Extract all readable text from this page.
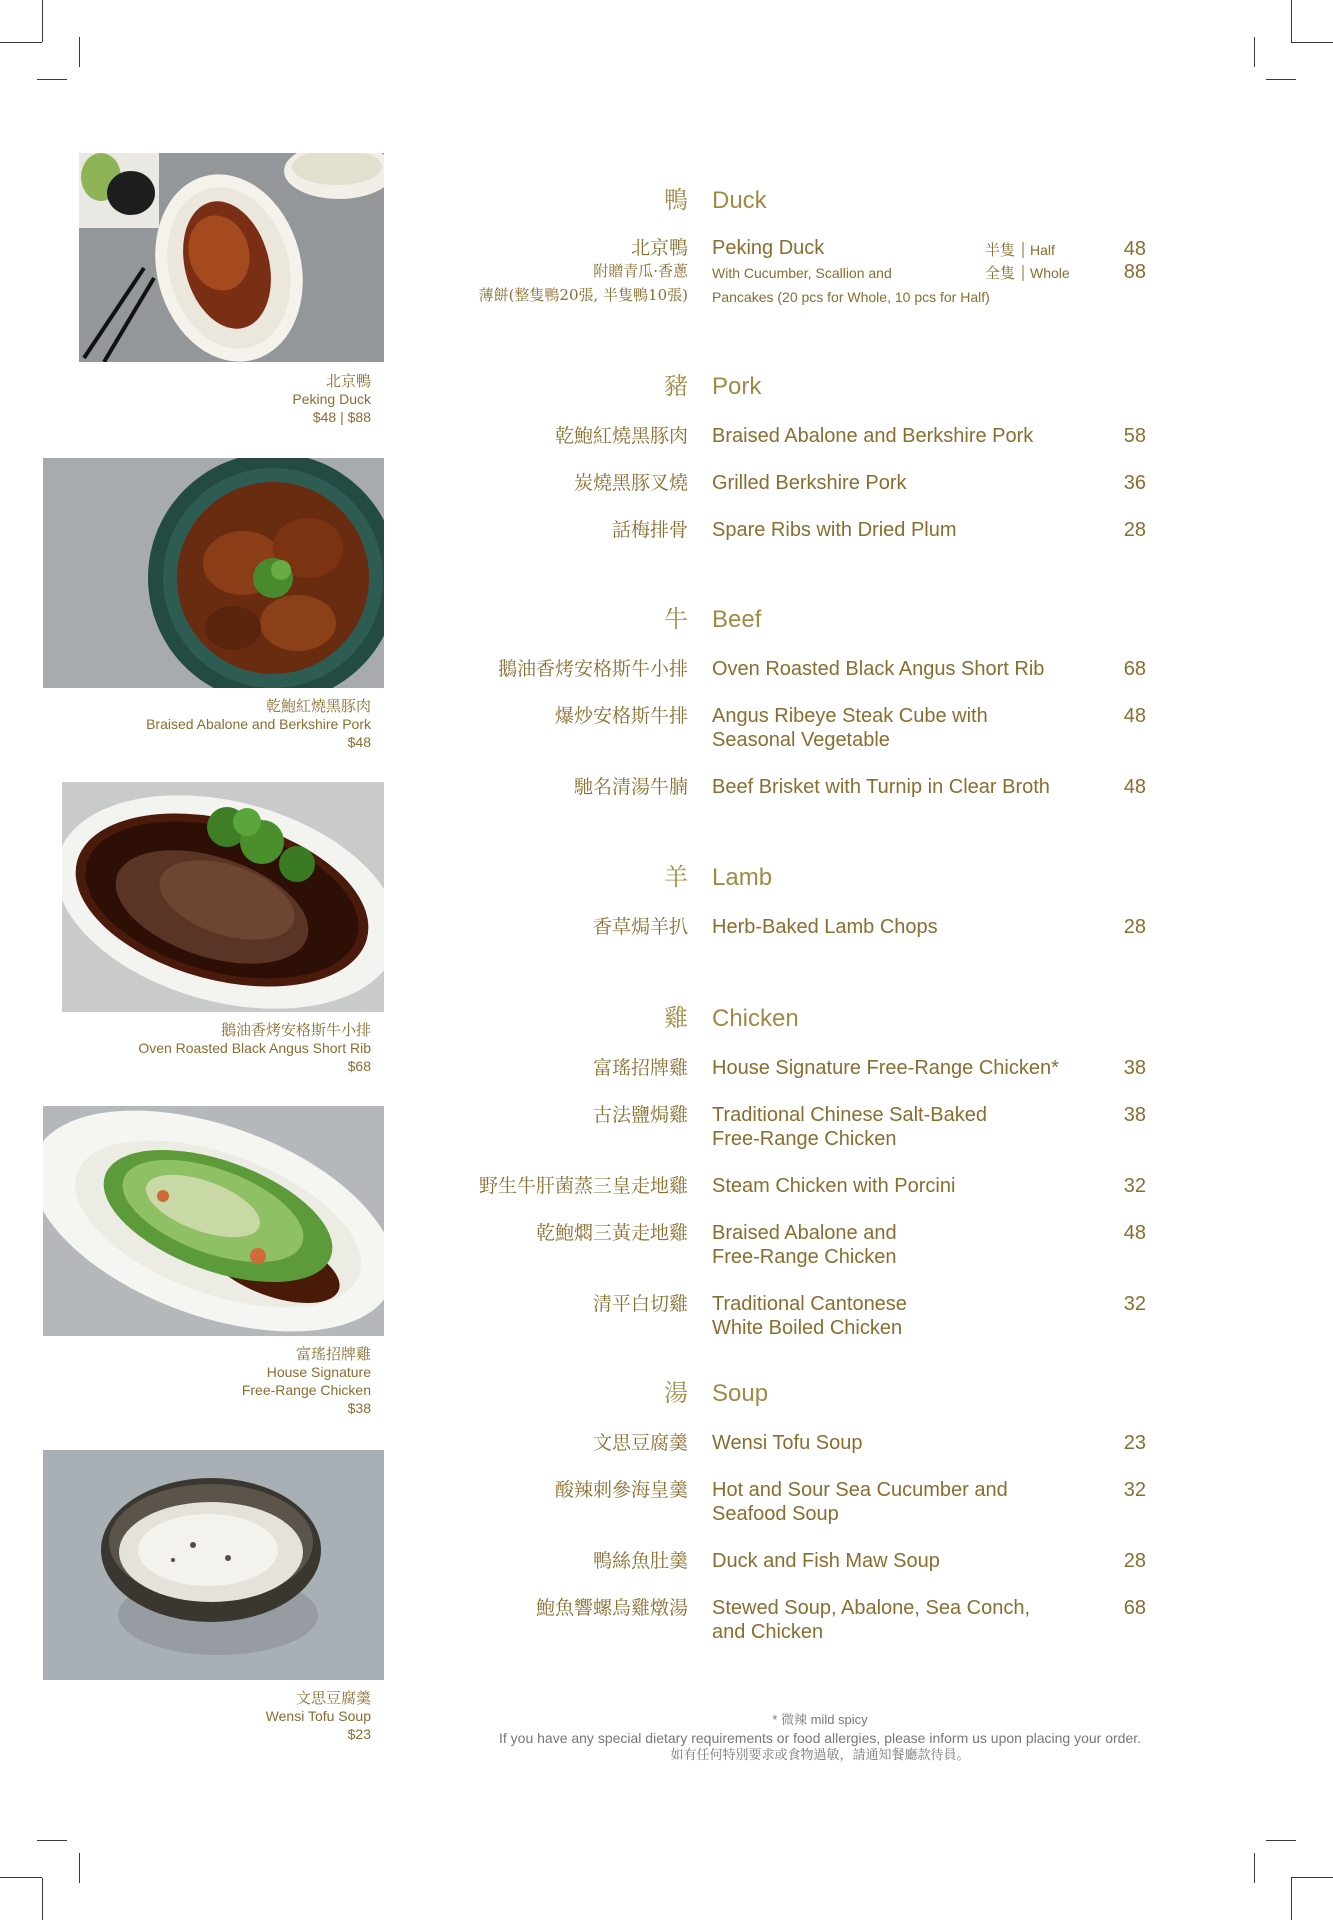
北京鴨
Peking Duck
$48 | $88
乾鮑紅燒黑豚肉
Braised Abalone and Berkshire Pork
$48
鵝油香烤安格斯牛小排
Oven Roasted Black Angus Short Rib
$68
富瑤招牌雞
House Signature
Free-Range Chicken
$38
文思豆腐羹
Wensi Tofu Soup
$23
鴨 Duck
北京鴨
附贈青瓜·香蔥
薄餅(整隻鴨20張, 半隻鴨10張)
Peking Duck
With Cucumber, Scallion and
Pancakes (20 pcs for Whole, 10 pcs for Half)
半隻 Half	48
全隻 Whole	88
豬 Pork
乾鮑紅燒黑豚肉 Braised Abalone and Berkshire Pork	58
炭燒黑豚叉燒 Grilled Berkshire Pork	36
話梅排骨 Spare Ribs with Dried Plum	28
牛 Beef
鵝油香烤安格斯牛小排 Oven Roasted Black Angus Short Rib	68
爆炒安格斯牛排 Angus Ribeye Steak Cube with
Seasonal Vegetable
48
馳名清湯牛腩 Beef Brisket with Turnip in Clear Broth	48
羊 Lamb
香草焗羊扒 Herb-Baked Lamb Chops	28
雞 Chicken
富瑤招牌雞 House Signature Free-Range Chicken*	38
古法鹽焗雞 Traditional Chinese Salt-Baked
Free-Range Chicken
38
野生牛肝菌蒸三皇走地雞 Steam Chicken with Porcini	32
乾鮑燜三黃走地雞 Braised Abalone and
Free-Range Chicken
48
清平白切雞 Traditional Cantonese
White Boiled Chicken
32
湯 Soup
文思豆腐羹 Wensi Tofu Soup	23
酸辣刺參海皇羹 Hot and Sour Sea Cucumber and
Seafood Soup
32
鴨絲魚肚羹 Duck and Fish Maw Soup	28
鮑魚響螺烏雞燉湯 Stewed Soup, Abalone, Sea Conch,
and Chicken
68
* 微辣 mild spicy
If you have any special dietary requirements or food allergies, please inform us upon placing your order.
如有任何特別要求或食物過敏，請通知餐廳款待員。
